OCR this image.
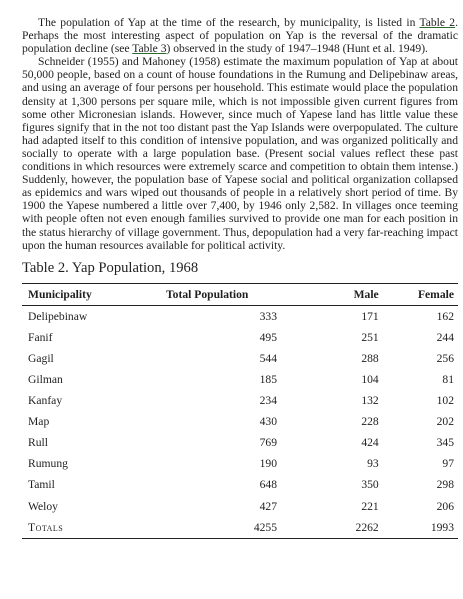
The population of Yap at the time of the research, by municipality, is listed in Table 2. Perhaps the most interesting aspect of population on Yap is the reversal of the dramatic population decline (see Table 3) observed in the study of 1947–1948 (Hunt et al. 1949).

Schneider (1955) and Mahoney (1958) estimate the maximum population of Yap at about 50,000 people, based on a count of house foundations in the Rumung and Delipebinaw areas, and using an average of four persons per household. This estimate would place the population density at 1,300 persons per square mile, which is not impossible given current figures from some other Micronesian islands. However, since much of Yapese land has little value these figures signify that in the not too distant past the Yap Islands were overpopulated. The culture had adapted itself to this condition of intensive population, and was organized politically and socially to operate with a large population base. (Present social values reflect these past conditions in which resources were extremely scarce and competition to obtain them intense.) Suddenly, however, the population base of Yapese social and political organization collapsed as epidemics and wars wiped out thousands of people in a relatively short period of time. By 1900 the Yapese numbered a little over 7,400, by 1946 only 2,582. In villages once teeming with people often not even enough families survived to provide one man for each position in the status hierarchy of village government. Thus, depopulation had a very far-reaching impact upon the human resources available for political activity.

Table 2. Yap Population, 1968
Municipality	Total Population	Male	Female
Delipebinaw	333	171	162
Fanif	495	251	244
Gagil	544	288	256
Gilman	185	104	81
Kanfay	234	132	102
Map	430	228	202
Rull	769	424	345
Rumung	190	93	97
Tamil	648	350	298
Weloy	427	221	206
Totals	4255	2262	1993
